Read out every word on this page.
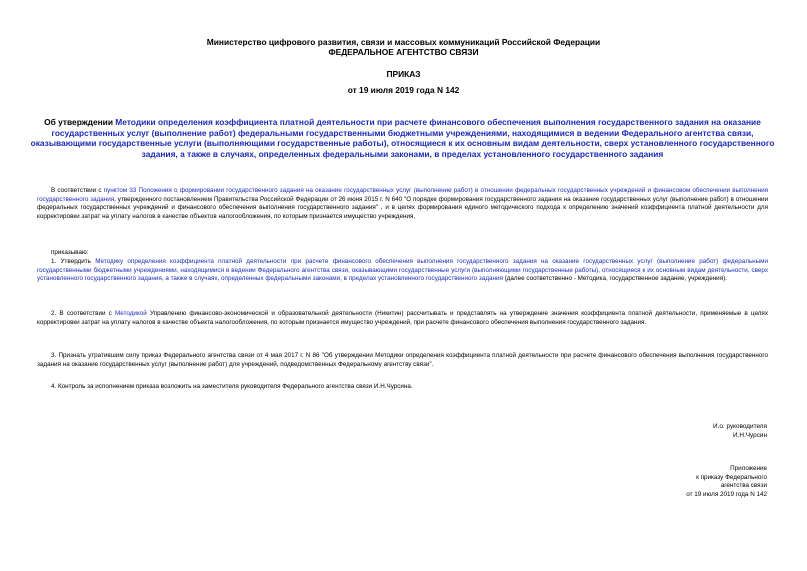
Министерство цифрового развития, связи и массовых коммуникаций Российской Федерации
ФЕДЕРАЛЬНОЕ АГЕНТСТВО СВЯЗИ
ПРИКАЗ
от 19 июля 2019 года N 142
Об утверждении Методики определения коэффициента платной деятельности при расчете финансового обеспечения выполнения государственного задания на оказание государственных услуг (выполнение работ) федеральными государственными бюджетными учреждениями, находящимися в ведении Федерального агентства связи, оказывающими государственные услуги (выполняющими государственные работы), относящиеся к их основным видам деятельности, сверх установленного государственного задания, а также в случаях, определенных федеральными законами, в пределах установленного государственного задания
В соответствии с пунктом 33 Положения о формировании государственного задания на оказание государственных услуг (выполнение работ) в отношении федеральных государственных учреждений и финансовом обеспечении выполнения государственного задания, утвержденного постановлением Правительства Российской Федерации от 26 июня 2015 г. N 640 "О порядке формирования государственного задания на оказание государственных услуг (выполнение работ) в отношении федеральных государственных учреждений и финансового обеспечения выполнения государственного задания" , и в целях формирования единого методического подхода к определению значений коэффициента платной деятельности для корректировки затрат на уплату налогов в качестве объектов налогообложения, по которым признается имущество учреждения,
приказываю:
1. Утвердить Методику определения коэффициента платной деятельности при расчете финансового обеспечения выполнения государственного задания на оказание государственных услуг (выполнение работ) федеральными государственными бюджетными учреждениями, находящимися в ведении Федерального агентства связи, оказывающими государственные услуги (выполняющими государственные работы), относящиеся к их основным видам деятельности, сверх установленного государственного задания, а также в случаях, определенных федеральными законами, в пределах установленного государственного задания (далее соответственно - Методика, государственное задание, учреждения).
2. В соответствии с Методикой Управлению финансово-экономической и образовательной деятельности (Никитин) рассчитывать и представлять на утверждение значения коэффициента платной деятельности, применяемые в целях корректировки затрат на уплату налогов в качестве объекта налогообложения, по которым признается имущество учреждений, при расчете финансового обеспечения выполнения государственного задания.
3. Признать утратившим силу приказ Федерального агентства связи от 4 мая 2017 г. N 86 "Об утверждении Методики определения коэффициента платной деятельности при расчете финансового обеспечения выполнения государственного задания на оказание государственных услуг (выполнение работ) для учреждений, подведомственных Федеральному агентству связи".
4. Контроль за исполнением приказа возложить на заместителя руководителя Федерального агентства связи И.Н.Чурсина.
И.о. руководителя
И.Н.Чурсин
Приложение
к приказу Федерального
агентства связи
от 19 июля 2019 года N 142
